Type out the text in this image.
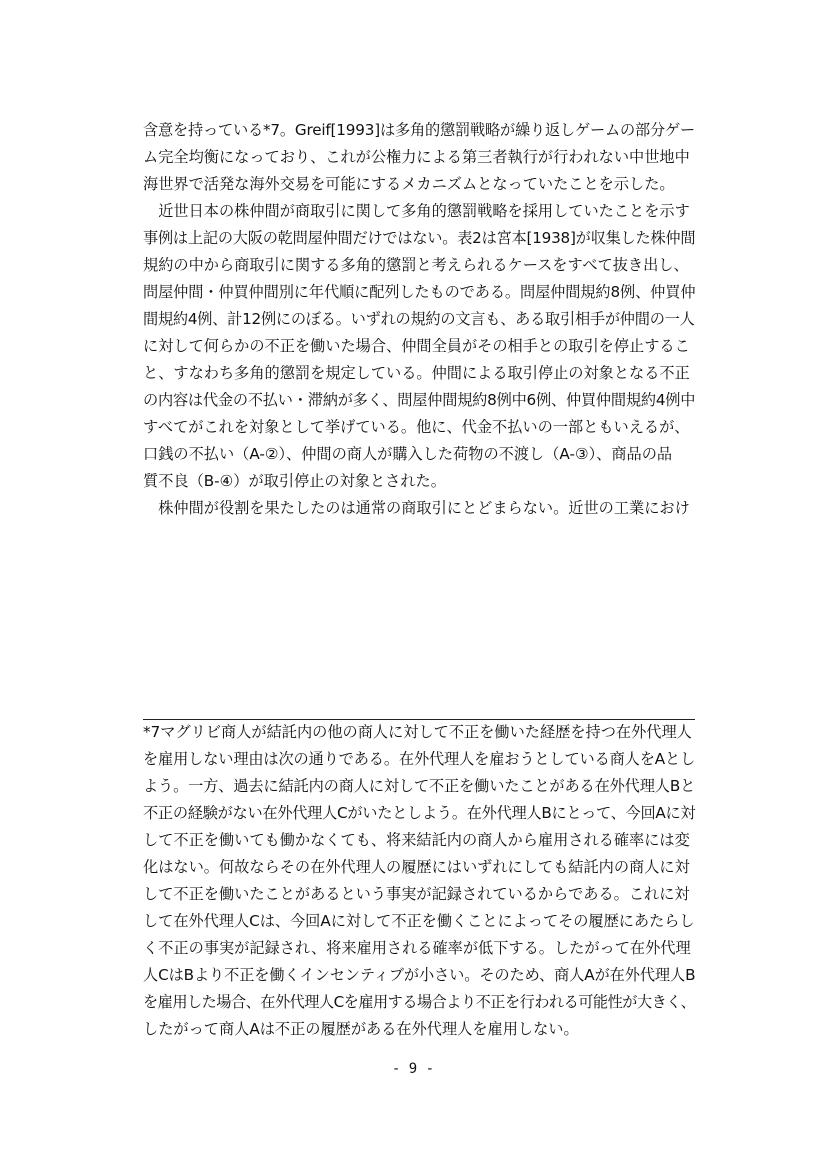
含意を持っている*7。Greif[1993]は多角的懲罰戦略が繰り返しゲームの部分ゲー
ム完全均衡になっており、これが公権力による第三者執行が行われない中世地中
海世界で活発な海外交易を可能にするメカニズムとなっていたことを示した。
　近世日本の株仲間が商取引に関して多角的懲罰戦略を採用していたことを示す
事例は上記の大阪の乾問屋仲間だけではない。表2は宮本[1938]が収集した株仲間
規約の中から商取引に関する多角的懲罰と考えられるケースをすべて抜き出し、
問屋仲間・仲買仲間別に年代順に配列したものである。問屋仲間規約8例、仲買仲
間規約4例、計12例にのぼる。いずれの規約の文言も、ある取引相手が仲間の一人
に対して何らかの不正を働いた場合、仲間全員がその相手との取引を停止するこ
と、すなわち多角的懲罰を規定している。仲間による取引停止の対象となる不正
の内容は代金の不払い・滞納が多く、問屋仲間規約8例中6例、仲買仲間規約4例中
すべてがこれを対象として挙げている。他に、代金不払いの一部ともいえるが、
口銭の不払い（A-②）、仲間の商人が購入した荷物の不渡し（A-③）、商品の品
質不良（B-④）が取引停止の対象とされた。
　株仲間が役割を果たしたのは通常の商取引にとどまらない。近世の工業におけ
*7マグリビ商人が結託内の他の商人に対して不正を働いた経歴を持つ在外代理人
を雇用しない理由は次の通りである。在外代理人を雇おうとしている商人をAとし
よう。一方、過去に結託内の商人に対して不正を働いたことがある在外代理人Bと
不正の経験がない在外代理人Cがいたとしよう。在外代理人Bにとって、今回Aに対
して不正を働いても働かなくても、将来結託内の商人から雇用される確率には変
化はない。何故ならその在外代理人の履歴にはいずれにしても結託内の商人に対
して不正を働いたことがあるという事実が記録されているからである。これに対
して在外代理人Cは、今回Aに対して不正を働くことによってその履歴にあたらし
く不正の事実が記録され、将来雇用される確率が低下する。したがって在外代理
人CはBより不正を働くインセンティブが小さい。そのため、商人Aが在外代理人B
を雇用した場合、在外代理人Cを雇用する場合より不正を行われる可能性が大きく、
したがって商人Aは不正の履歴がある在外代理人を雇用しない。
- 9 -
